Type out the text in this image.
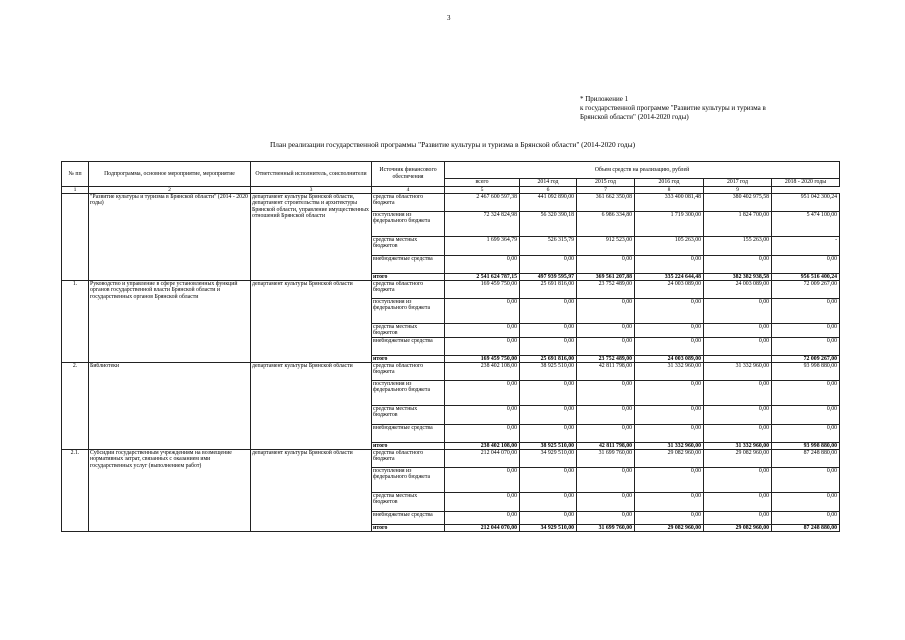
3
* Приложение 1
к государственной программе "Развитие культуры и туризма в
Брянской области" (2014-2020 годы)
План реализации государственной программы "Развитие культуры и туризма в Брянской области" (2014-2020 годы)
№ пп	Подпрограмма, основное мероприятие, мероприятие	Ответственный исполнитель, соисполнители	Источник финансового обеспечения	Объем средств на реализацию, рублей					
				всего	2014 год	2015 год	2016 год	2017 год	2018 - 2020 годы
1	2	3	4	5	6	7	8	9	
	"Развитие культуры и туризма в Брянской области" (2014 - 2020 годы)	департамент культуры Брянской области, департамент строительства и архитектуры Брянской области, управление имущественных отношений Брянской области	средства областного бюджета	2 467 600 597,38	441 092 890,00	361 662 350,08	333 400 081,48	380 402 975,58	951 042 300,24
			поступления из федерального бюджета	72 324 824,98	56 320 390,18	6 986 334,80	1 719 300,00	1 824 700,00	5 474 100,00
			средства местных бюджетов	1 699 364,79	526 315,79	912 523,00	105 263,00	155 263,00	-
			внебюджетные средства	0,00	0,00	0,00	0,00	0,00	0,00
			итого	2 541 624 787,15	497 939 595,97	369 561 207,88	335 224 644,48	382 382 938,58	956 516 400,24
1.	Руководство и управление в сфере установленных функций органов государственной власти Брянской области и государственных органов Брянской области	департамент культуры Брянской области	средства областного бюджета	169 459 750,00	25 691 816,00	23 752 489,00	24 003 089,00	24 003 089,00	72 009 267,00
			поступления из федерального бюджета	0,00	0,00	0,00	0,00	0,00	0,00
			средства местных бюджетов	0,00	0,00	0,00	0,00	0,00	0,00
			внебюджетные средства	0,00	0,00	0,00	0,00	0,00	0,00
			итого	169 459 750,00	25 691 816,00	23 752 489,00	24 003 089,00		72 009 267,00
2.	Библиотеки	департамент культуры Брянской области	средства областного бюджета	238 402 108,00	38 925 510,00	42 811 798,00	31 332 960,00	31 332 960,00	93 998 880,00
			поступления из федерального бюджета	0,00	0,00	0,00	0,00	0,00	0,00
			средства местных бюджетов	0,00	0,00	0,00	0,00	0,00	0,00
			внебюджетные средства	0,00	0,00	0,00	0,00	0,00	0,00
			итого	238 402 108,00	38 925 510,00	42 811 798,00	31 332 960,00	31 332 960,00	93 998 880,00
2.1.	Субсидии государственным учреждениям на возмещение нормативных затрат, связанных с оказанием ими государственных услуг (выполнением работ)	департамент культуры Брянской области	средства областного бюджета	212 044 070,00	34 929 510,00	31 699 760,00	29 082 960,00	29 082 960,00	87 248 880,00
			поступления из федерального бюджета	0,00	0,00	0,00	0,00	0,00	0,00
			средства местных бюджетов	0,00	0,00	0,00	0,00	0,00	0,00
			внебюджетные средства	0,00	0,00	0,00	0,00	0,00	0,00
			итого	212 044 070,00	34 929 510,00	31 699 760,00	29 082 960,00	29 082 960,00	87 248 880,00
